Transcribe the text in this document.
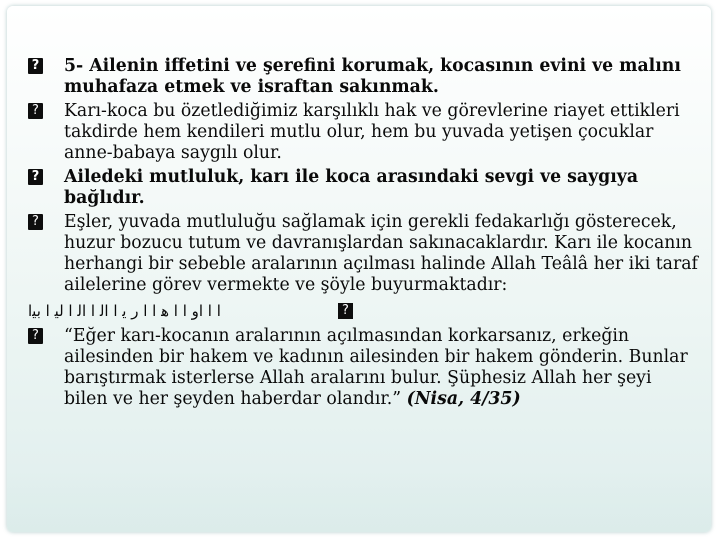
? 5- Ailenin iffetini ve şerefini korumak, kocasının evini ve malını muhafaza etmek ve israftan sakınmak.
? Karı-koca bu özetlediğimiz karşılıklı hak ve görevlerine riayet ettikleri takdirde hem kendileri mutlu olur, hem bu yuvada yetişen çocuklar anne-babaya saygılı olur.
? Ailedeki mutluluk, karı ile koca arasındaki sevgi ve saygıya bağlıdır.
? Eşler, yuvada mutluluğu sağlamak için gerekli fedakarlığı gösterecek, huzur bozucu tutum ve davranışlardan sakınacaklardır. Karı ile kocanın herhangi bir sebeble aralarının açılması halinde Allah Teâlâ her iki taraf ailelerine görev vermekte ve şöyle buyurmaktadır:
ﺍ ﺍ ﺍﻭ ﺍ ﺍ ﻫ ﺍ ﺍ ﺭ ﻳ ﺍ ﺍﻟ ﺍ ﺍﻟ ﺍ ﻟﻴ ﺍ ﺑﻴﺍ	?
? “Eğer karı-kocanın aralarının açılmasından korkarsanız, erkeğin ailesinden bir hakem ve kadının ailesinden bir hakem gönderin. Bunlar barıştırmak isterlerse Allah aralarını bulur. Şüphesiz Allah her şeyi bilen ve her şeyden haberdar olandır.” (Nisa, 4/35)
